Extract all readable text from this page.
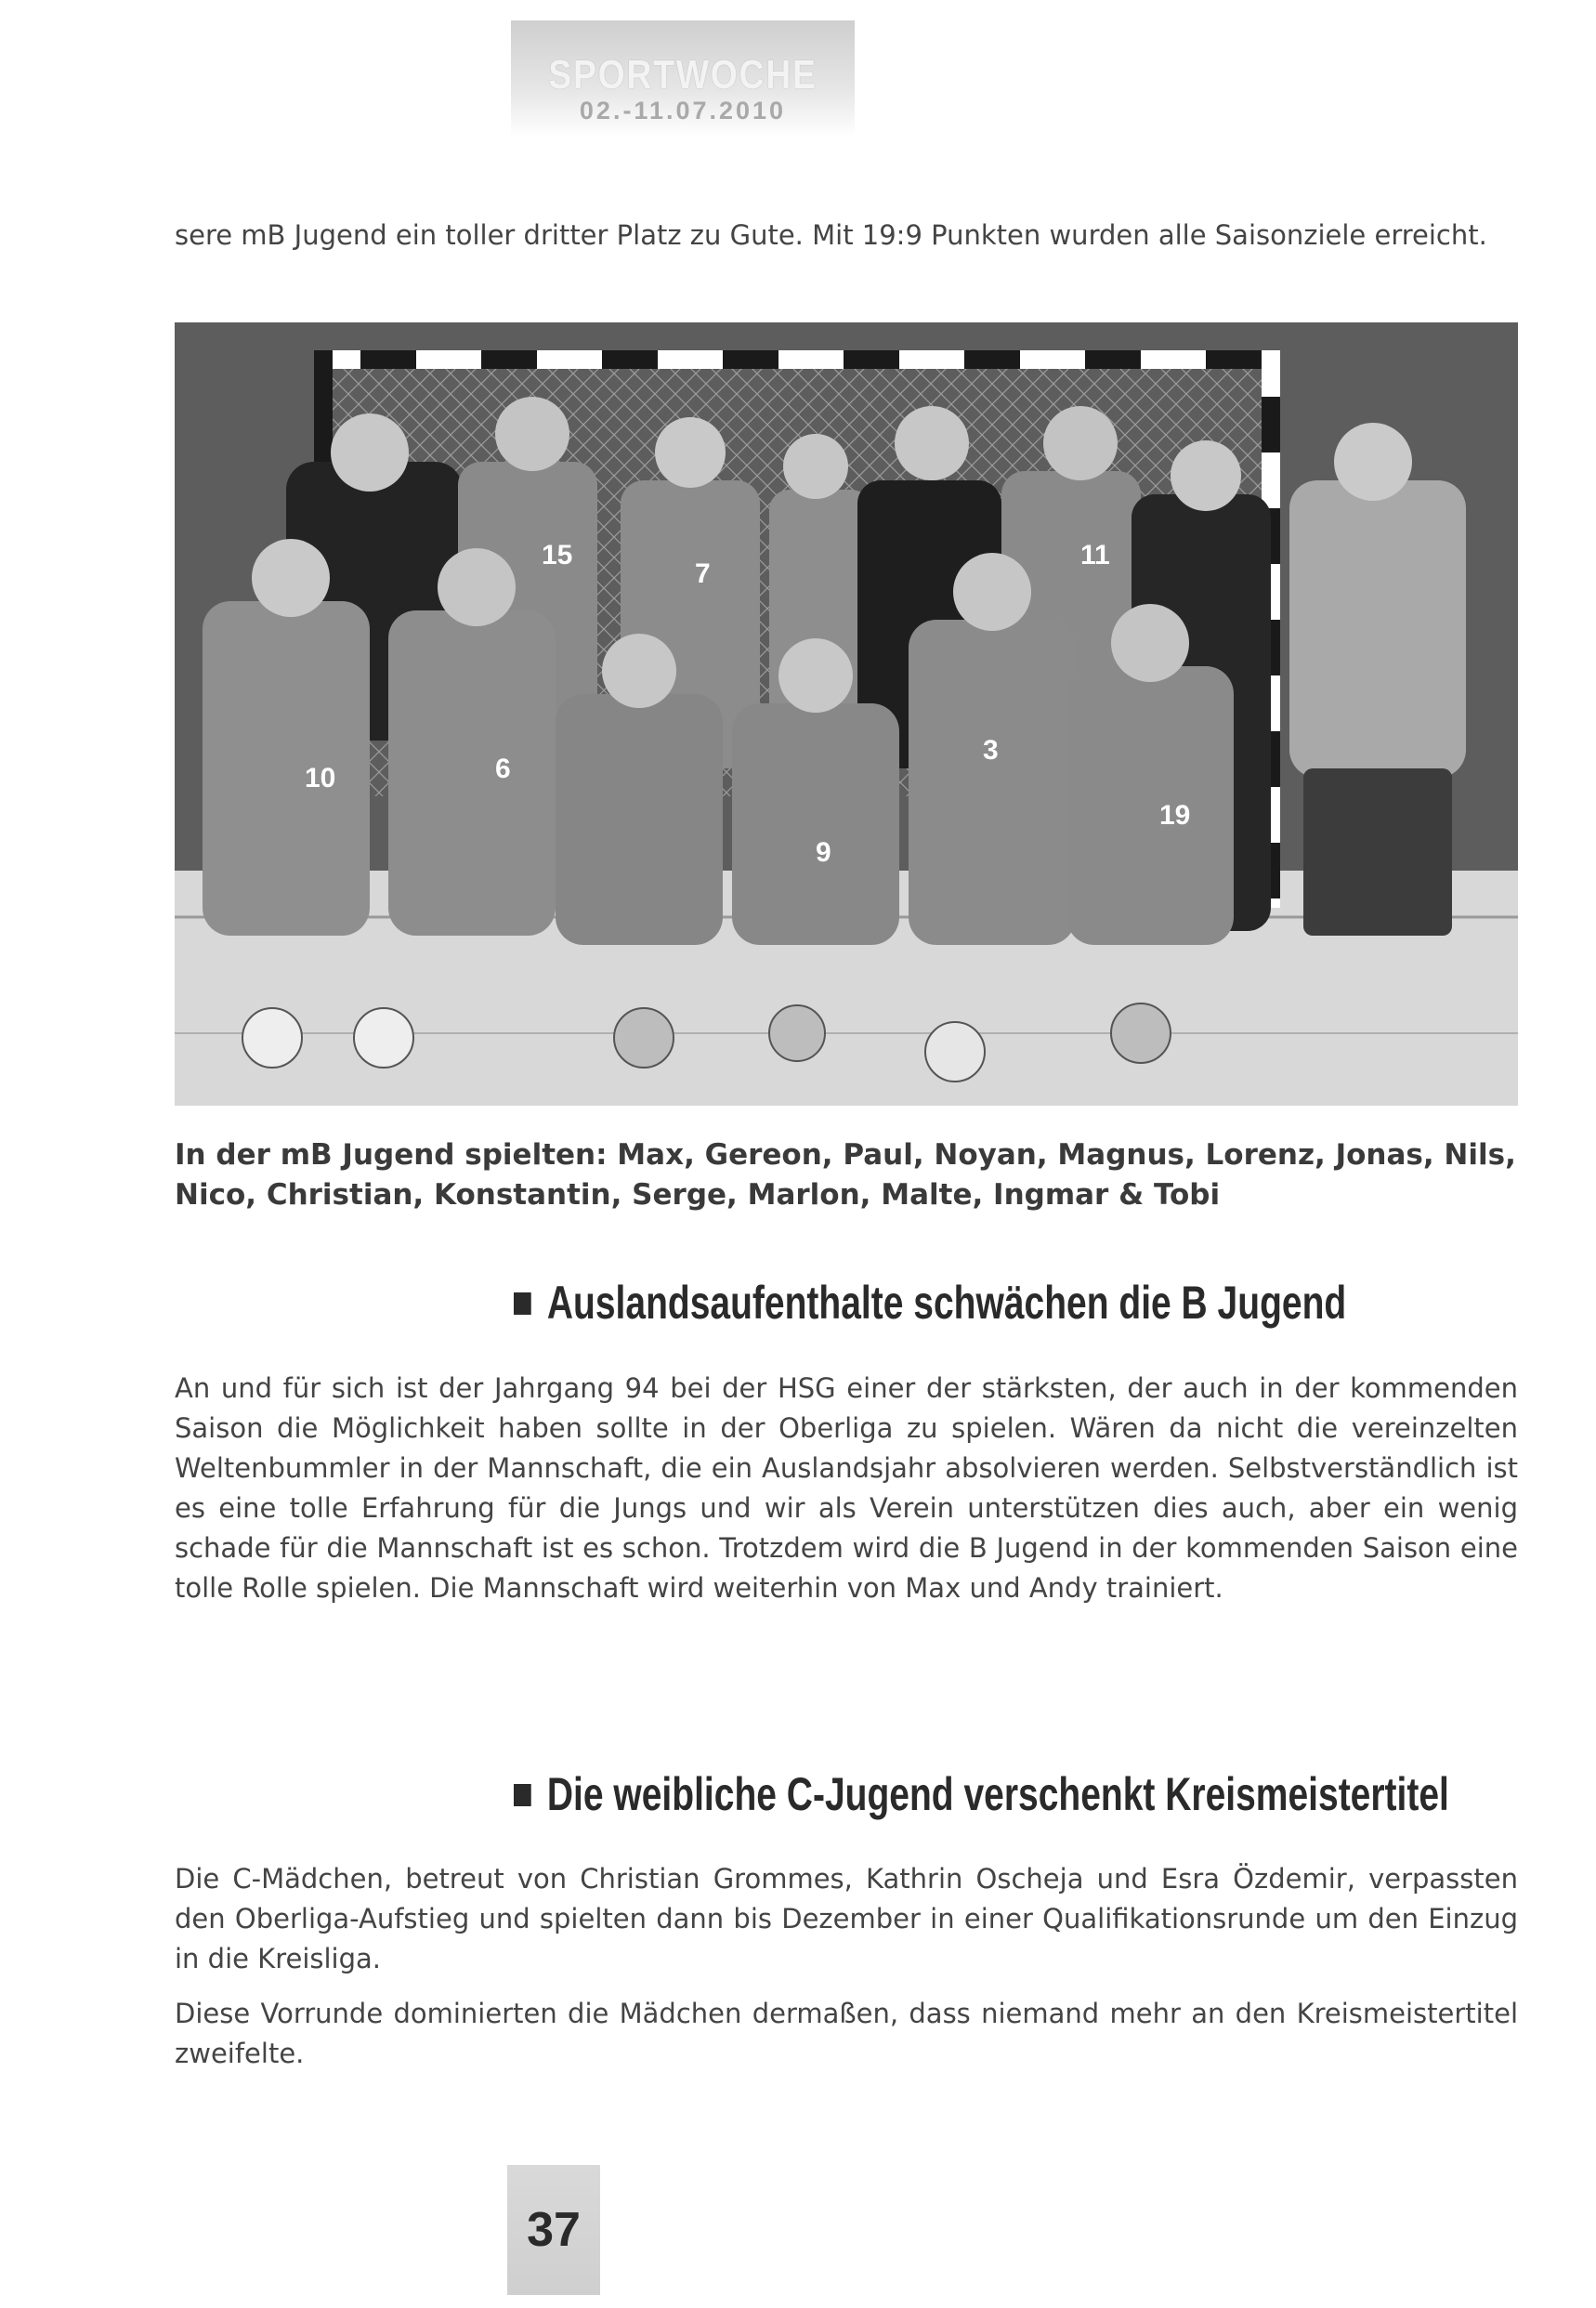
SPORTWOCHE
02.-11.07.2010

sere mB Jugend ein toller dritter Platz zu Gute. Mit 19:9 Punkten wurden alle Saisonziele erreicht.

15
7
11
10	6
3
19
9

In der mB Jugend spielten: Max, Gereon, Paul, Noyan, Magnus, Lorenz, Jonas, Nils, Nico, Christian, Konstantin, Serge, Marlon, Malte, Ingmar & Tobi

Auslandsaufenthalte schwächen die B Jugend

An und für sich ist der Jahrgang 94 bei der HSG einer der stärksten, der auch in der kommenden Saison die Möglichkeit haben sollte in der Oberliga zu spielen. Wären da nicht die vereinzelten Weltenbummler in der Mannschaft, die ein Auslandsjahr absolvieren werden. Selbstverständlich ist es eine tolle Erfahrung für die Jungs und wir als Verein unterstützen dies auch, aber ein wenig schade für die Mannschaft ist es schon. Trotzdem wird die B Jugend in der kommenden Saison eine tolle Rolle spielen. Die Mannschaft wird weiterhin von Max und Andy trainiert.

Die weibliche C-Jugend verschenkt Kreismeistertitel

Die C-Mädchen, betreut von Christian Grommes, Kathrin Oscheja und Esra Özdemir, verpassten den Oberliga-Aufstieg und spielten dann bis Dezember in einer Qualifikationsrunde um den Einzug in die Kreisliga.

Diese Vorrunde dominierten die Mädchen dermaßen, dass niemand mehr an den Kreismeistertitel zweifelte.

37
